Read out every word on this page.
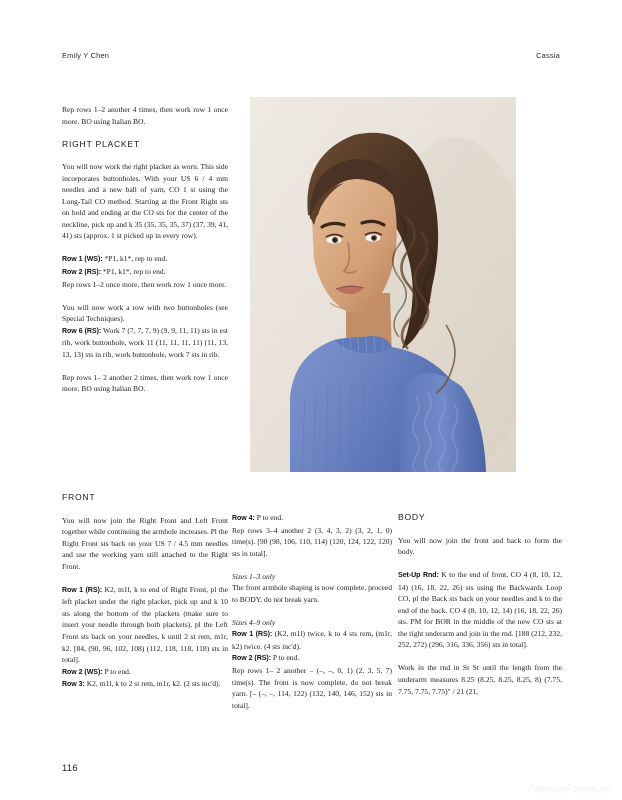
Emily Y Chen	Cassia

Rep rows 1–2 another 4 times, then work row 1 once more. BO using Italian BO.

RIGHT PLACKET

You will now work the right placket as worn. This side incorporates buttonholes. With your US 6 / 4 mm needles and a new ball of yarn, CO 1 st using the Long-Tail CO method. Starting at the Front Right sts on hold and ending at the CO sts for the center of the neckline, pick up and k 35 (35, 35, 35, 37) (37, 39, 41, 41) sts (approx. 1 st picked up in every row).

Row 1 (WS): *P1, k1*, rep to end.

Row 2 (RS): *P1, k1*, rep to end.

Rep rows 1–2 once more, then work row 1 once more.

You will now work a row with two buttonholes (see Special Techniques).

Row 6 (RS): Work 7 (7, 7, 7, 9) (9, 9, 11, 11) sts in est rib, work buttonhole, work 11 (11, 11, 11, 11) (11, 13, 13, 13) sts in rib, work buttonhole, work 7 sts in rib.

Rep rows 1– 2 another 2 times, then work row 1 once more. BO using Italian BO.

FRONT

You will now join the Right Front and Left Front together while continuing the armhole increases. Pl the Right Front sts back on your US 7 / 4.5 mm needles and use the working yarn still attached to the Right Front.

Row 1 (RS): K2, m1l, k to end of Right Front, pl the left placket under the right placket, pick up and k 10 sts along the bottom of the plackets (make sure to insert your needle through both plackets), pl the Left Front sts back on your needles, k until 2 st rem, m1r, k2. [84, (90, 96, 102, 108) (112, 118, 118, 118) sts in total].

Row 2 (WS): P to end.

Row 3: K2, m1l, k to 2 st rem, m1r, k2. (2 sts inc'd).

Row 4: P to end.

Rep rows 3–4 another 2 (3, 4, 3, 2) (3, 2, 1, 0) time(s). [90 (98, 106, 110, 114) (120, 124, 122, 120) sts in total].

Sizes 1–3 only

The front armhole shaping is now complete, proceed to BODY, do not break yarn.

Sizes 4–9 only

Row 1 (RS): (K2, m1l) twice, k to 4 sts rem, (m1r, k2) twice. (4 sts inc'd).

Row 2 (RS): P to end.

Rep rows 1– 2 another – (–, –, 0, 1) (2, 3, 5, 7) time(s). The front is now complete, do not break yarn. [– (–, –, 114, 122) (132, 140, 146, 152) sts in total].

BODY

You will now join the front and back to form the body.

Set-Up Rnd: K to the end of front, CO 4 (8, 10, 12, 14) (16, 18, 22, 26) sts using the Backwards Loop CO, pl the Back sts back on your needles and k to the end of the back. CO 4 (8, 10, 12, 14) (16, 18, 22, 26) sts. PM for BOR in the middle of the new CO sts at the right underarm and join in the rnd. [188 (212, 232, 252, 272) (296, 316, 336, 356) sts in total].

Work in the rnd in St St until the length from the underarm measures 8.25 (8.25, 8.25, 8.25, 8) (7.75, 7.75, 7.75, 7.75)" / 21 (21,

116
PassionForum.ru
